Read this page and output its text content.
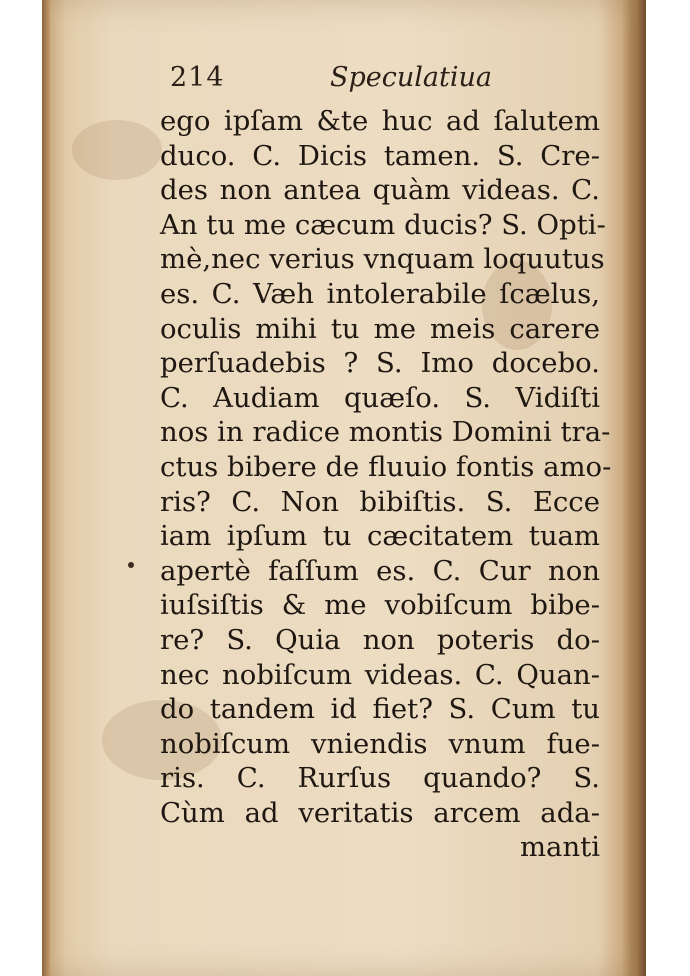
214	Speculatiua
ego ipſam &te huc ad ſalutem
duco. C. Dicis tamen. S. Cre-
des non antea quàm videas. C.
An tu me cæcum ducis? S. Opti-
mè,nec verius vnquam loquutus
es. C. Væh intolerabile ſcælus,
oculis mihi tu me meis carere
perſuadebis ? S. Imo docebo.
C. Audiam quæſo. S. Vidiſti
nos in radice montis Domini tra-
ctus bibere de fluuio fontis amo-
ris? C. Non bibiſtis. S. Ecce
iam ipſum tu cæcitatem tuam
apertè faſſum es. C. Cur non
iuſsiſtis & me vobiſcum bibe-
re? S. Quia non poteris do-
nec nobiſcum videas. C. Quan-
do tandem id fiet? S. Cum tu
nobiſcum vniendis vnum fue-
ris. C. Rurſus quando? S.
Cùm ad veritatis arcem ada-
manti
